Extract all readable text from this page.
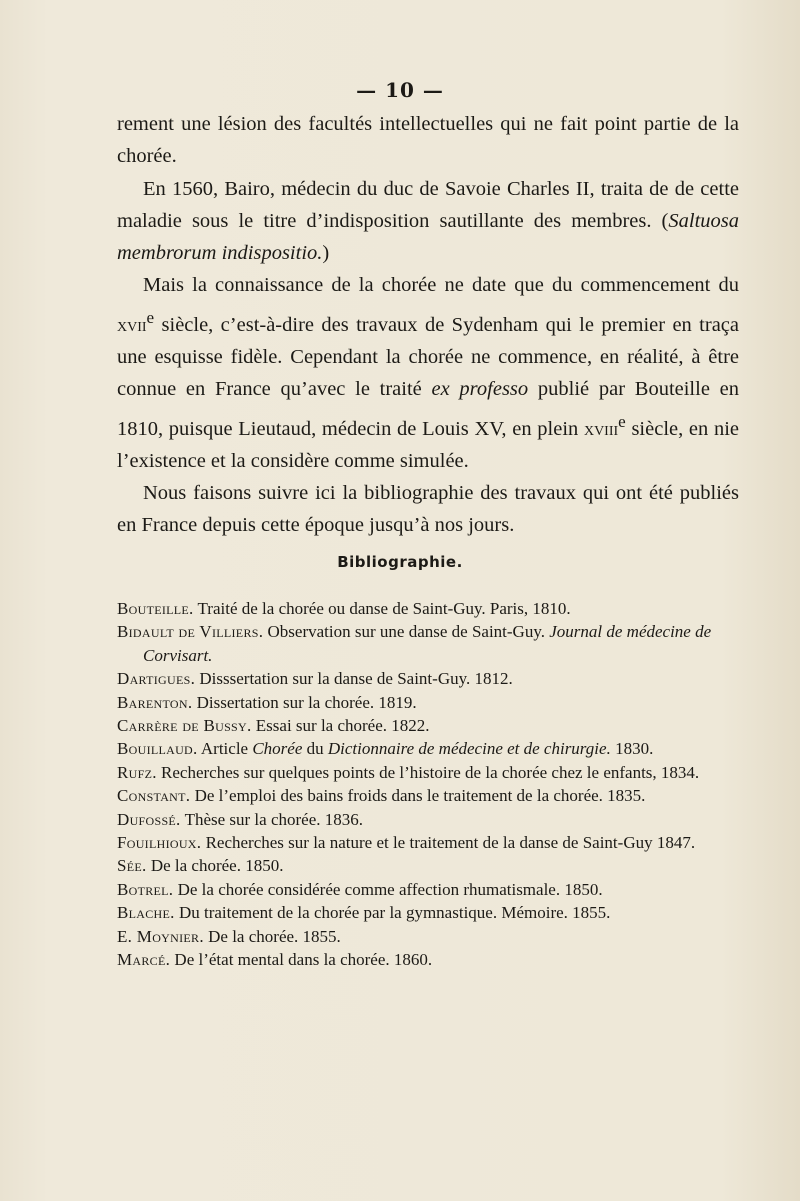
— 10 —

rement une lésion des facultés intellectuelles qui ne fait point partie de la chorée.

En 1560, Bairo, médecin du duc de Savoie Charles II, traita de de cette maladie sous le titre d’indisposition sautillante des membres. (Saltuosa membrorum indispositio.)

Mais la connaissance de la chorée ne date que du commencement du xvii$^e$ siècle, c’est-à-dire des travaux de Sydenham qui le premier en traça une esquisse fidèle. Cependant la chorée ne commence, en réalité, à être connue en France qu’avec le traité ex professo publié par Bouteille en 1810, puisque Lieutaud, médecin de Louis XV, en plein xviii$^e$ siècle, en nie l’existence et la considère comme simulée.

Nous faisons suivre ici la bibliographie des travaux qui ont été publiés en France depuis cette époque jusqu’à nos jours.

Bibliographie.
Bouteille. Traité de la chorée ou danse de Saint-Guy. Paris, 1810.
Bidault de Villiers. Observation sur une danse de Saint-Guy. Journal de médecine de Corvisart.
Dartigues. Disssertation sur la danse de Saint-Guy. 1812.
Barenton. Dissertation sur la chorée. 1819.
Carrère de Bussy. Essai sur la chorée. 1822.
Bouillaud. Article Chorée du Dictionnaire de médecine et de chirurgie. 1830.
Rufz. Recherches sur quelques points de l’histoire de la chorée chez le enfants, 1834.
Constant. De l’emploi des bains froids dans le traitement de la chorée. 1835.
Dufossé. Thèse sur la chorée. 1836.
Fouilhioux. Recherches sur la nature et le traitement de la danse de Saint-Guy 1847.
Sée. De la chorée. 1850.
Botrel. De la chorée considérée comme affection rhumatismale. 1850.
Blache. Du traitement de la chorée par la gymnastique. Mémoire. 1855.
E. Moynier. De la chorée. 1855.
Marcé. De l’état mental dans la chorée. 1860.
